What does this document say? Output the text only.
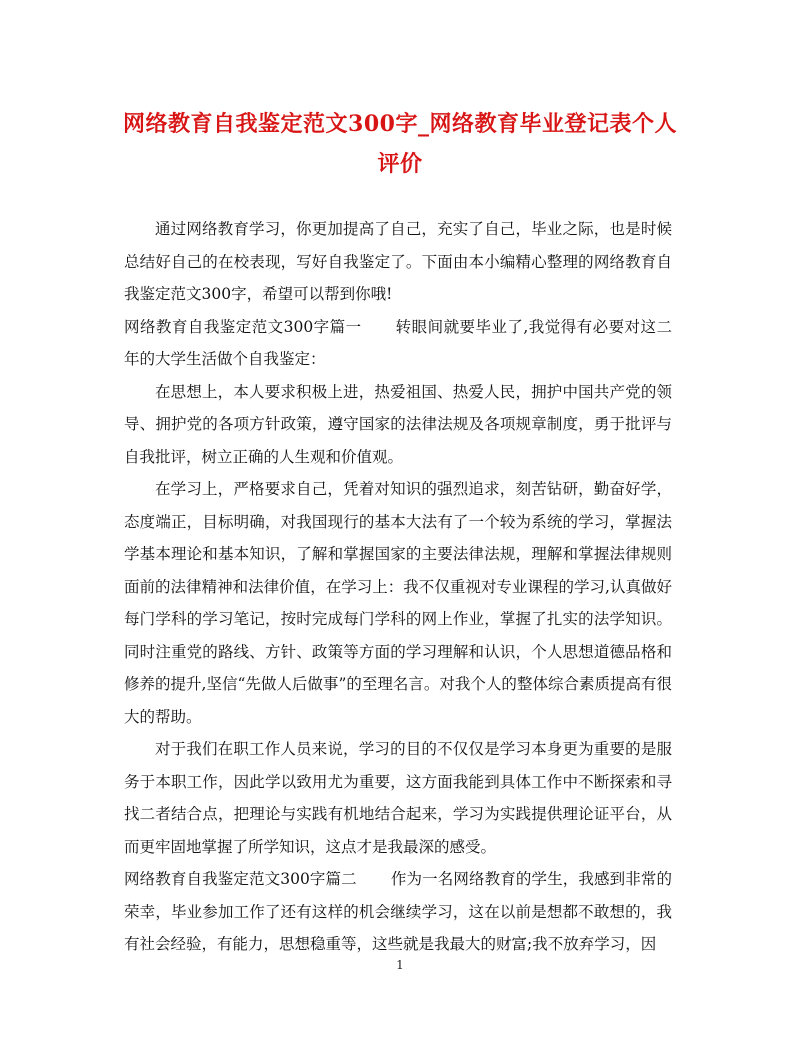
网络教育自我鉴定范文300字_网络教育毕业登记表个人评价

通过网络教育学习，你更加提高了自己，充实了自己，毕业之际，也是时候总结好自己的在校表现，写好自我鉴定了。下面由本小编精心整理的网络教育自我鉴定范文300字，希望可以帮到你哦!

网络教育自我鉴定范文300字篇一 转眼间就要毕业了,我觉得有必要对这二年的大学生活做个自我鉴定：

在思想上，本人要求积极上进，热爱祖国、热爱人民，拥护中国共产党的领导、拥护党的各项方针政策，遵守国家的法律法规及各项规章制度，勇于批评与自我批评，树立正确的人生观和价值观。

在学习上，严格要求自己，凭着对知识的强烈追求，刻苦钻研，勤奋好学，态度端正，目标明确，对我国现行的基本大法有了一个较为系统的学习，掌握法学基本理论和基本知识，了解和掌握国家的主要法律法规，理解和掌握法律规则面前的法律精神和法律价值，在学习上：我不仅重视对专业课程的学习,认真做好每门学科的学习笔记，按时完成每门学科的网上作业，掌握了扎实的法学知识。同时注重党的路线、方针、政策等方面的学习理解和认识，个人思想道德品格和修养的提升,坚信“先做人后做事”的至理名言。对我个人的整体综合素质提高有很大的帮助。

对于我们在职工作人员来说，学习的目的不仅仅是学习本身更为重要的是服务于本职工作，因此学以致用尤为重要，这方面我能到具体工作中不断探索和寻找二者结合点，把理论与实践有机地结合起来，学习为实践提供理论证平台，从而更牢固地掌握了所学知识，这点才是我最深的感受。

网络教育自我鉴定范文300字篇二 作为一名网络教育的学生，我感到非常的荣幸，毕业参加工作了还有这样的机会继续学习，这在以前是想都不敢想的，我有社会经验，有能力，思想稳重等，这些就是我最大的财富;我不放弃学习，因

1
